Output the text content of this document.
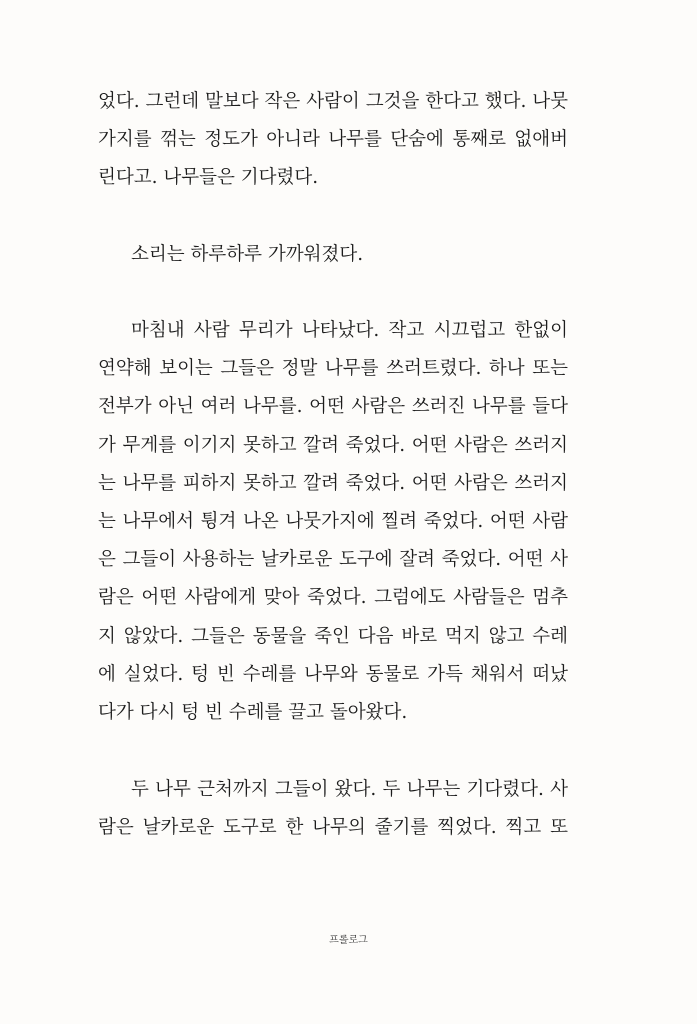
었다. 그런데 말보다 작은 사람이 그것을 한다고 했다. 나뭇
가지를 꺾는 정도가 아니라 나무를 단숨에 통째로 없애버
린다고. 나무들은 기다렸다.
소리는 하루하루 가까워졌다.
마침내 사람 무리가 나타났다. 작고 시끄럽고 한없이
연약해 보이는 그들은 정말 나무를 쓰러트렸다. 하나 또는
전부가 아닌 여러 나무를. 어떤 사람은 쓰러진 나무를 들다
가 무게를 이기지 못하고 깔려 죽었다. 어떤 사람은 쓰러지
는 나무를 피하지 못하고 깔려 죽었다. 어떤 사람은 쓰러지
는 나무에서 튕겨 나온 나뭇가지에 찔려 죽었다. 어떤 사람
은 그들이 사용하는 날카로운 도구에 잘려 죽었다. 어떤 사
람은 어떤 사람에게 맞아 죽었다. 그럼에도 사람들은 멈추
지 않았다. 그들은 동물을 죽인 다음 바로 먹지 않고 수레
에 실었다. 텅 빈 수레를 나무와 동물로 가득 채워서 떠났
다가 다시 텅 빈 수레를 끌고 돌아왔다.
두 나무 근처까지 그들이 왔다. 두 나무는 기다렸다. 사
람은 날카로운 도구로 한 나무의 줄기를 찍었다. 찍고 또
프롤로그
